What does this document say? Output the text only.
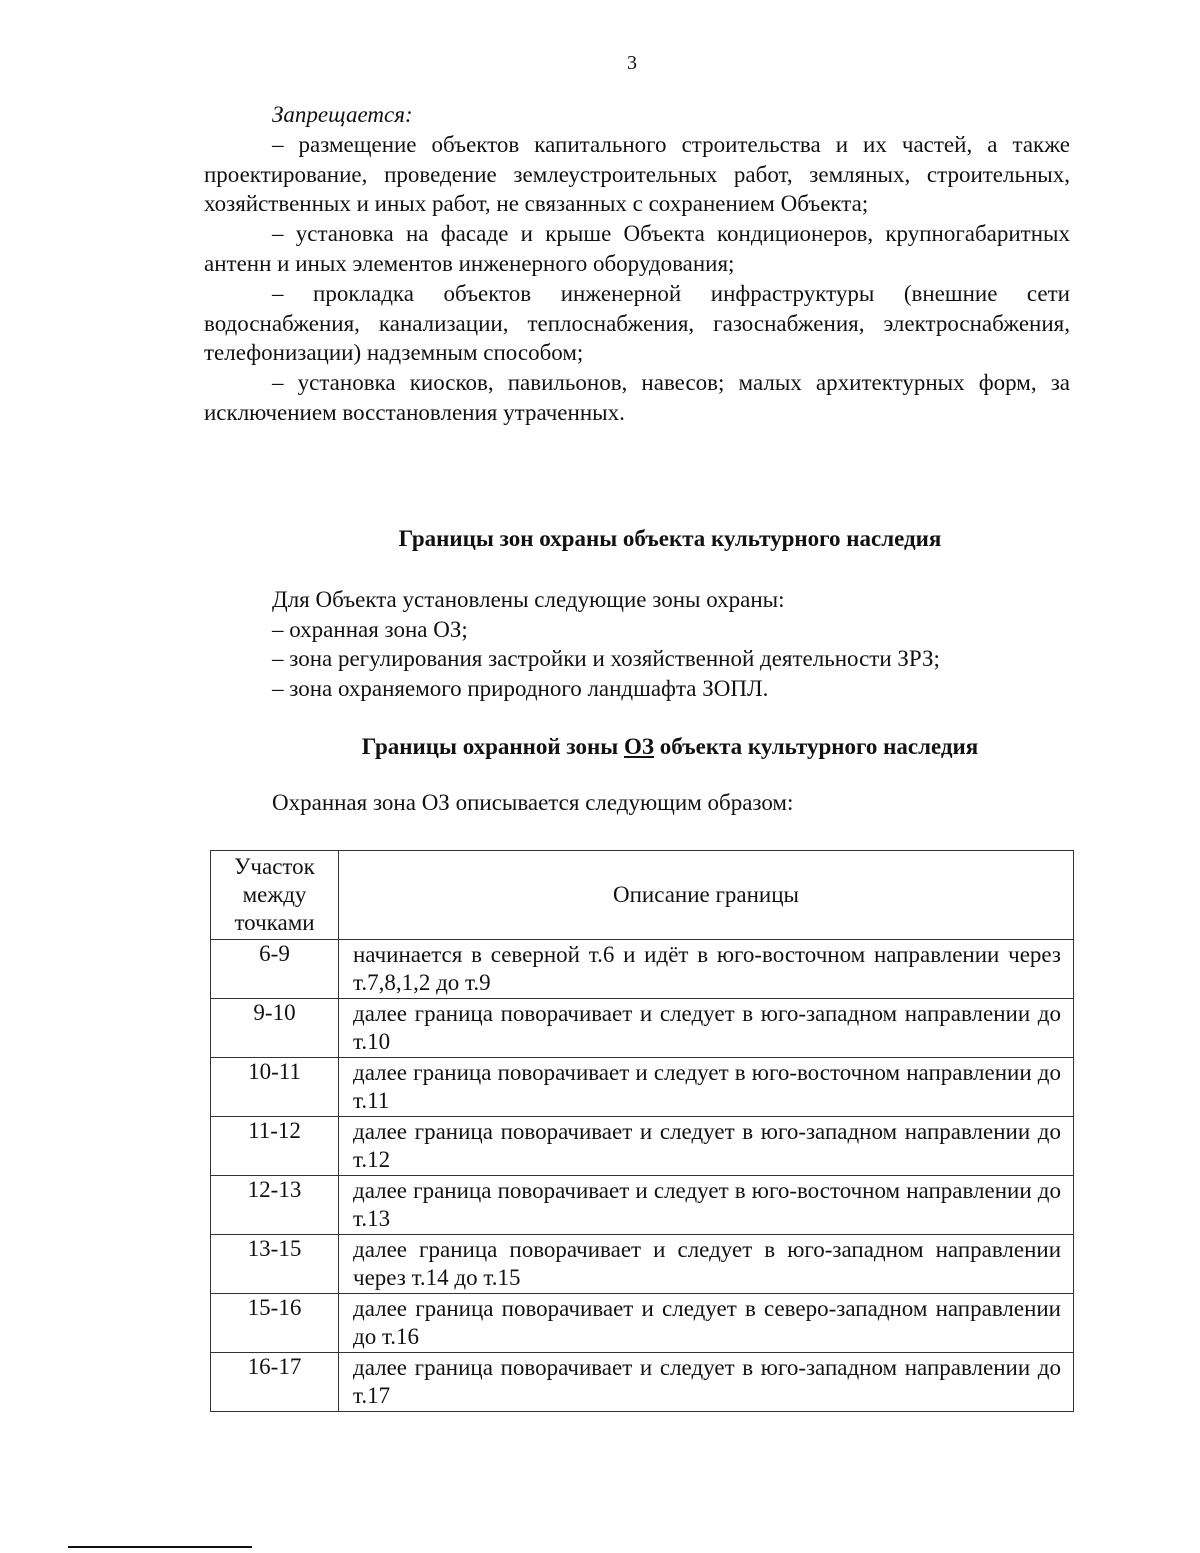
3

Запрещается:

– размещение объектов капитального строительства и их частей, а также проектирование, проведение землеустроительных работ, земляных, строительных, хозяйственных и иных работ, не связанных с сохранением Объекта;

– установка на фасаде и крыше Объекта кондиционеров, крупногабаритных антенн и иных элементов инженерного оборудования;

– прокладка объектов инженерной инфраструктуры (внешние сети водоснабжения, канализации, теплоснабжения, газоснабжения, электроснабжения, телефонизации) надземным способом;

– установка киосков, павильонов, навесов; малых архитектурных форм, за исключением восстановления утраченных.

Границы зон охраны объекта культурного наследия
Для Объекта установлены следующие зоны охраны:
– охранная зона ОЗ;
– зона регулирования застройки и хозяйственной деятельности ЗРЗ;
– зона охраняемого природного ландшафта ЗОПЛ.
Границы охранной зоны ОЗ объекта культурного наследия
Охранная зона ОЗ описывается следующим образом:
Участок
между
точками	Описание границы
6-9	начинается в северной т.6 и идёт в юго-восточном направлении через т.7,8,1,2 до т.9
9-10	далее граница поворачивает и следует в юго-западном направлении до т.10
10-11	далее граница поворачивает и следует в юго-восточном направлении до т.11
11-12	далее граница поворачивает и следует в юго-западном направлении до т.12
12-13	далее граница поворачивает и следует в юго-восточном направлении до т.13
13-15	далее граница поворачивает и следует в юго-западном направлении через т.14 до т.15
15-16	далее граница поворачивает и следует в северо-западном направлении до т.16
16-17	далее граница поворачивает и следует в юго-западном направлении до т.17
